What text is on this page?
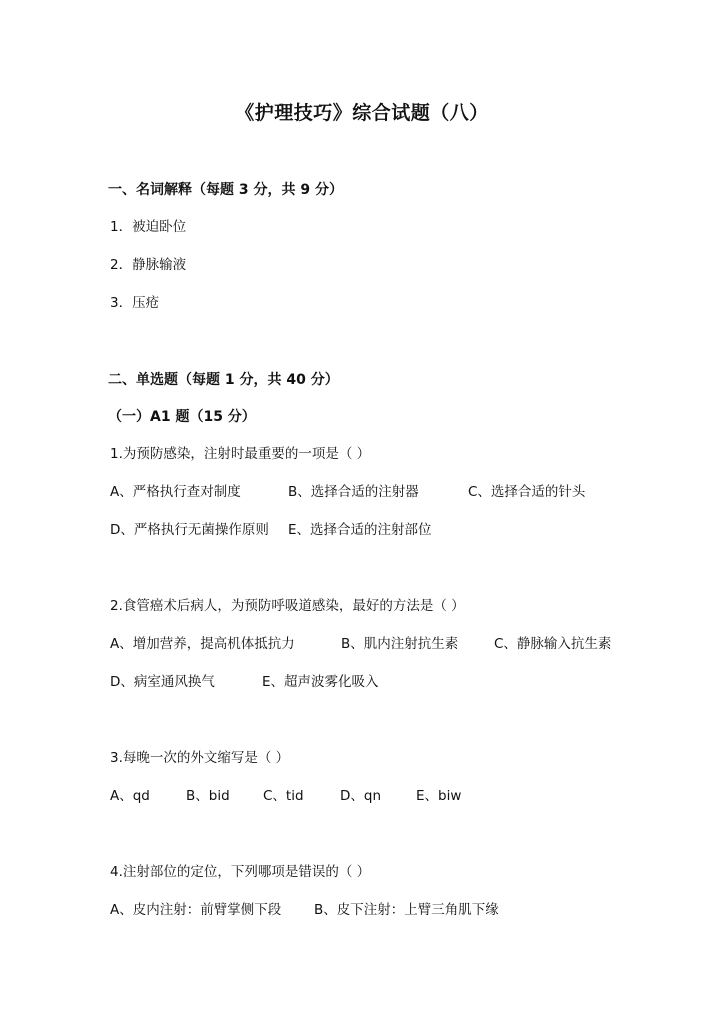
《护理技巧》综合试题（八）
一、名词解释（每题 3 分，共 9 分）
1．被迫卧位
2．静脉输液
3．压疮
二、单选题（每题 1 分，共 40 分）
（一）A1 题（15 分）
1.为预防感染，注射时最重要的一项是（ ）
A、严格执行查对制度	B、选择合适的注射器	C、选择合适的针头
D、严格执行无菌操作原则 E、选择合适的注射部位
2.食管癌术后病人，为预防呼吸道感染，最好的方法是（ ）
A、增加营养，提高机体抵抗力	B、肌内注射抗生素	C、静脉输入抗生素
D、病室通风换气	E、超声波雾化吸入
3.每晚一次的外文缩写是（ ）
A、qd	B、bid C、tid	D、qn	E、biw
4.注射部位的定位，下列哪项是错误的（ ）
A、皮内注射：前臂掌侧下段 B、皮下注射：上臂三角肌下缘
